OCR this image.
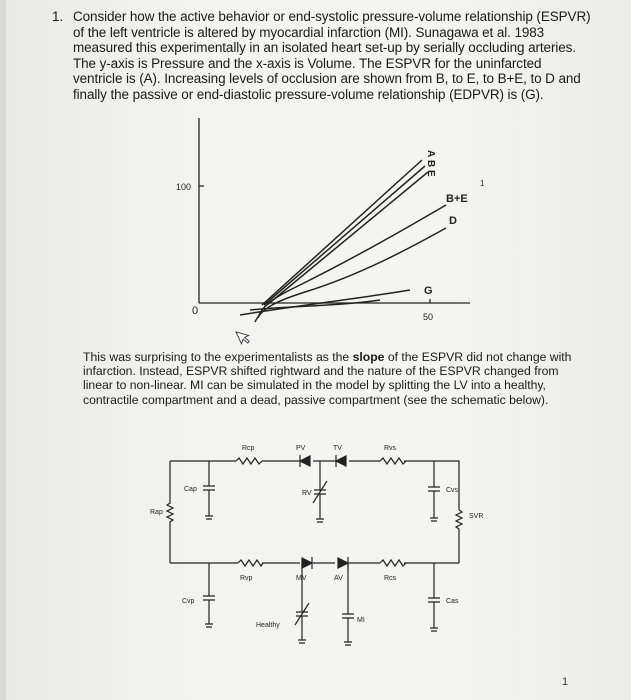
1. Consider how the active behavior or end-systolic pressure-volume relationship (ESPVR) of the left ventricle is altered by myocardial infarction (MI). Sunagawa et al. 1983 measured this experimentally in an isolated heart set-up by serially occluding arteries. The y-axis is Pressure and the x-axis is Volume. The ESPVR for the uninfarcted ventricle is (A). Increasing levels of occlusion are shown from B, to E, to B+E, to D and finally the passive or end-diastolic pressure-volume relationship (EDPVR) is (G).
100
0	50
A
B
E
B+E
1
D
G
This was surprising to the experimentalists as the slope of the ESPVR did not change with infarction. Instead, ESPVR shifted rightward and the nature of the ESPVR changed from linear to non-linear. MI can be simulated in the model by splitting the LV into a healthy, contractile compartment and a dead, passive compartment (see the schematic below).
Rcp	PV	TV	Rvs
Cap
RV	Cvs
Rap
SVR
Rvp	MV	AV	Rcs
Cvp	Cas
Healthy
MI
1
